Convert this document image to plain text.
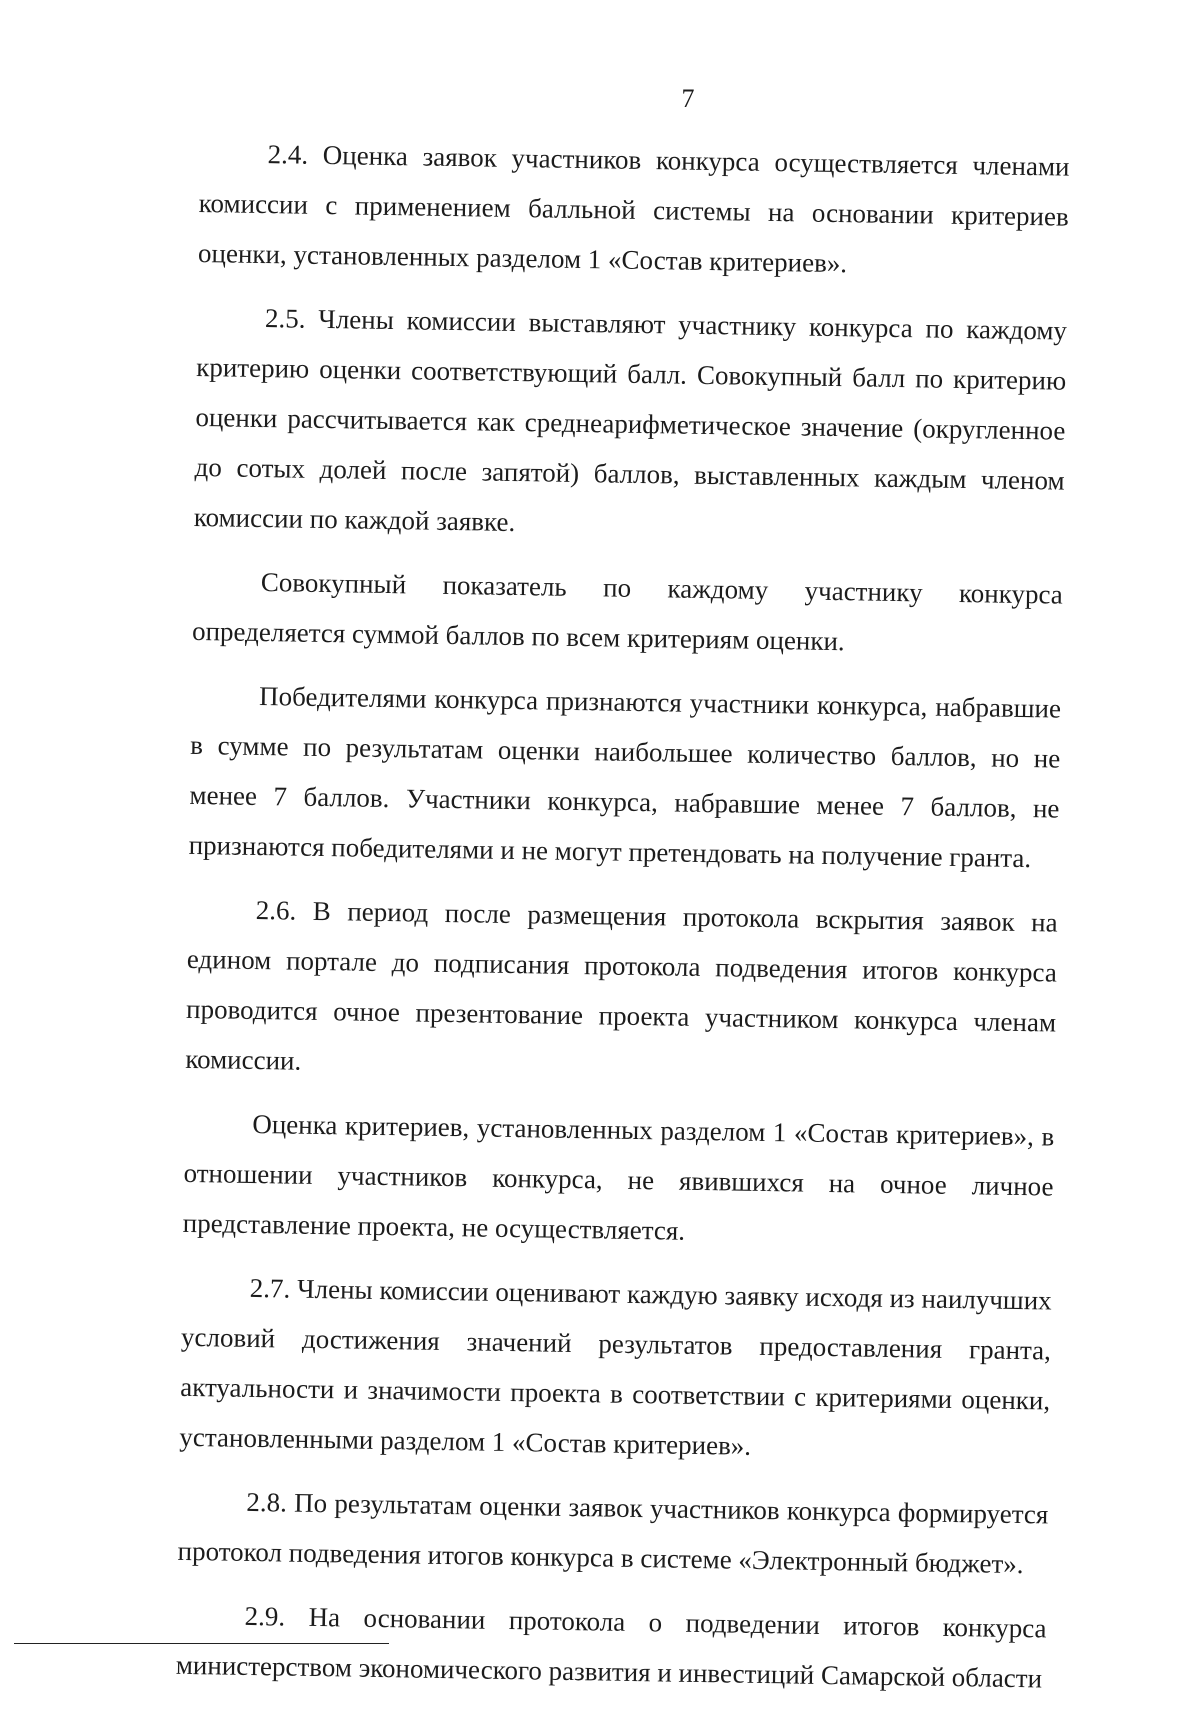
7

2.4. Оценка заявок участников конкурса осуществляется членами комиссии с применением балльной системы на основании критериев оценки, установленных разделом 1 «Состав критериев».

2.5. Члены комиссии выставляют участнику конкурса по каждому критерию оценки соответствующий балл. Совокупный балл по критерию оценки рассчитывается как среднеарифметическое значение (округленное до сотых долей после запятой) баллов, выставленных каждым членом комиссии по каждой заявке.

Совокупный показатель по каждому участнику конкурса определяется суммой баллов по всем критериям оценки.

Победителями конкурса признаются участники конкурса, набравшие в сумме по результатам оценки наибольшее количество баллов, но не менее 7 баллов. Участники конкурса, набравшие менее 7 баллов, не признаются победителями и не могут претендовать на получение гранта.

2.6. В период после размещения протокола вскрытия заявок на едином портале до подписания протокола подведения итогов конкурса проводится очное презентование проекта участником конкурса членам комиссии.

Оценка критериев, установленных разделом 1 «Состав критериев», в отношении участников конкурса, не явившихся на очное личное представление проекта, не осуществляется.

2.7. Члены комиссии оценивают каждую заявку исходя из наилучших условий достижения значений результатов предоставления гранта, актуальности и значимости проекта в соответствии с критериями оценки, установленными разделом 1 «Состав критериев».

2.8. По результатам оценки заявок участников конкурса формируется протокол подведения итогов конкурса в системе «Электронный бюджет».

2.9. На основании протокола о подведении итогов конкурса министерством экономического развития и инвестиций Самарской области
